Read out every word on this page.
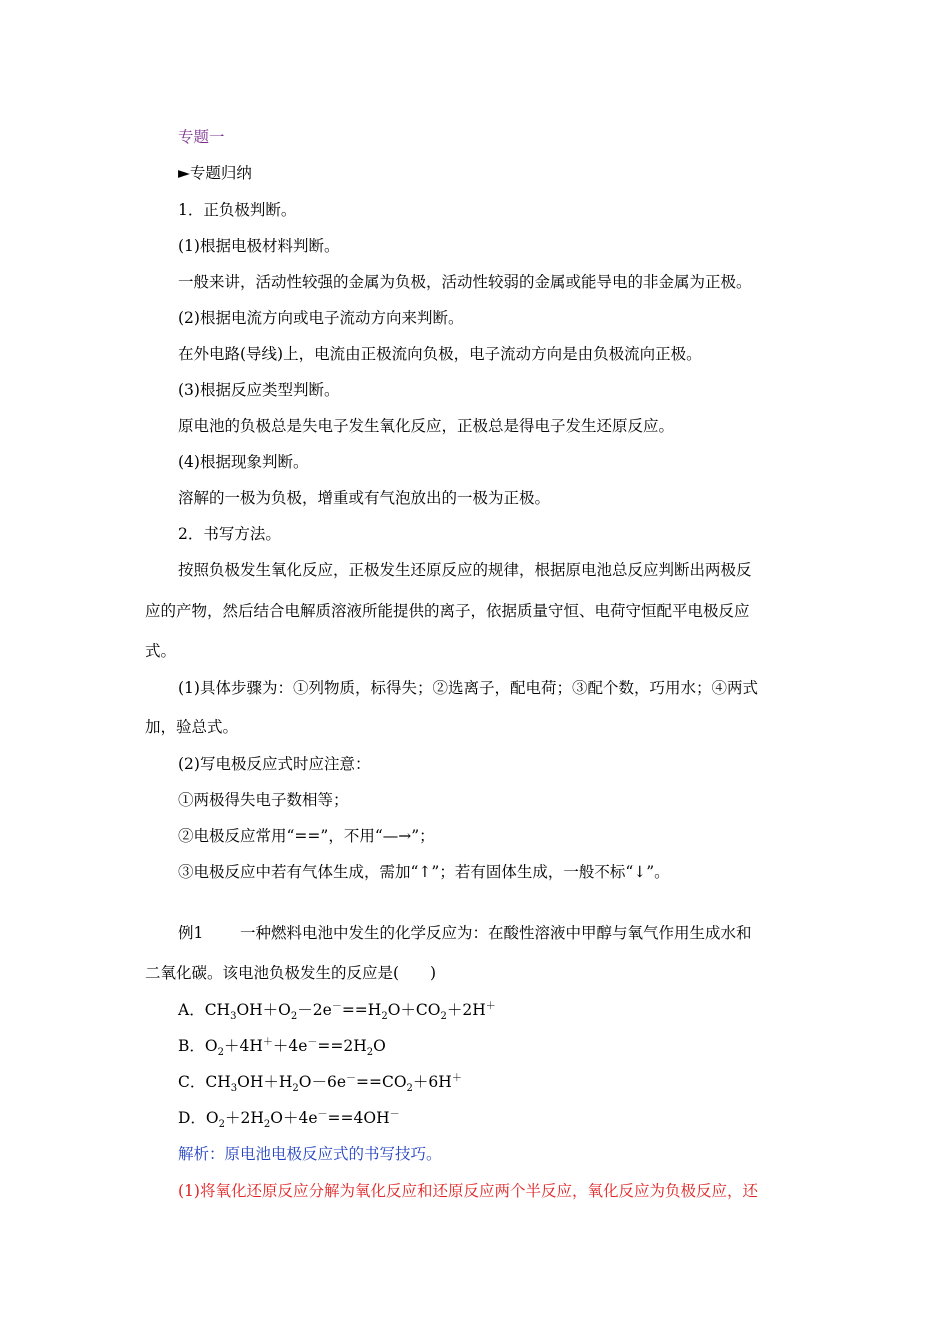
专题一
►专题归纳
1．正负极判断。
(1)根据电极材料判断。
一般来讲，活动性较强的金属为负极，活动性较弱的金属或能导电的非金属为正极。
(2)根据电流方向或电子流动方向来判断。
在外电路(导线)上，电流由正极流向负极，电子流动方向是由负极流向正极。
(3)根据反应类型判断。
原电池的负极总是失电子发生氧化反应，正极总是得电子发生还原反应。
(4)根据现象判断。
溶解的一极为负极，增重或有气泡放出的一极为正极。
2．书写方法。
按照负极发生氧化反应，正极发生还原反应的规律，根据原电池总反应判断出两极反
应的产物，然后结合电解质溶液所能提供的离子，依据质量守恒、电荷守恒配平电极反应
式。
(1)具体步骤为：①列物质，标得失；②选离子，配电荷；③配个数，巧用水；④两式
加，验总式。
(2)写电极反应式时应注意：
①两极得失电子数相等；
②电极反应常用“==”，不用“—→”；
③电极反应中若有气体生成，需加“↑”；若有固体生成，一般不标“↓”。
例1 一种燃料电池中发生的化学反应为：在酸性溶液中甲醇与氧气作用生成水和
二氧化碳。该电池负极发生的反应是(　　)
A．$CH_3OH+O_2-2e^-==H_2O+CO_2+2H^+$
B．$O_2+4H^++4e^-==2H_2O$
C．$CH_3OH+H_2O-6e^-==CO_2+6H^+$
D．$O_2+2H_2O+4e^-==4OH^-$
解析：原电池电极反应式的书写技巧。
(1)将氧化还原反应分解为氧化反应和还原反应两个半反应，氧化反应为负极反应，还
